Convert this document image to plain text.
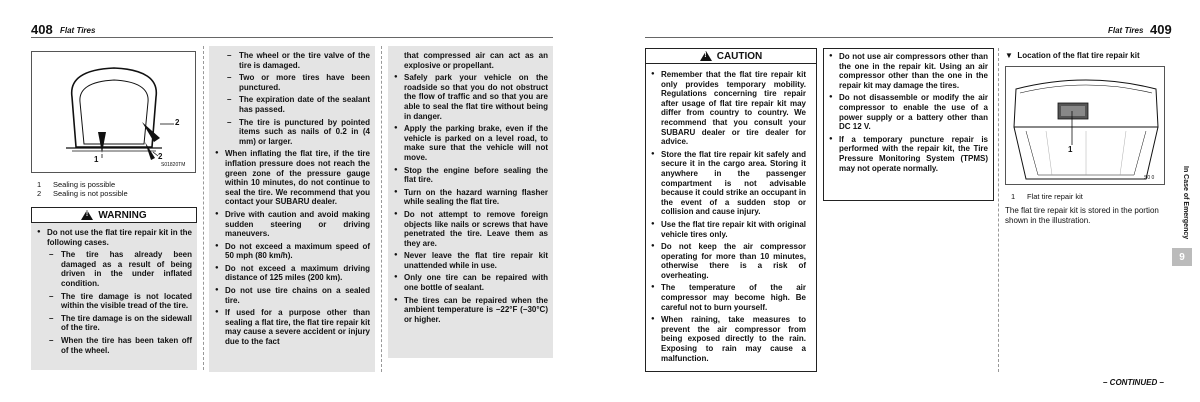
408 Flat Tires
1
2
2
S01820TM
1 Sealing is possible
2 Sealing is not possible
!
WARNING
● Do not use the flat tire repair kit in the following cases.
– The tire has already been damaged as a result of being driven in the under inflated condition.
– The tire damage is not located within the visible tread of the tire.
– The tire damage is on the sidewall of the tire.
– When the tire has been taken off of the wheel.
– The wheel or the tire valve of the tire is damaged.
– Two or more tires have been punctured.
– The expiration date of the sealant has passed.
– The tire is punctured by pointed items such as nails of 0.2 in (4 mm) or larger.
● When inflating the flat tire, if the tire inflation pressure does not reach the green zone of the pressure gauge within 10 minutes, do not continue to seal the tire. We recommend that you contact your SUBARU dealer.
● Drive with caution and avoid making sudden steering or driving maneuvers.
● Do not exceed a maximum speed of 50 mph (80 km/h).
● Do not exceed a maximum driving distance of 125 miles (200 km).
● Do not use tire chains on a sealed tire.
● If used for a purpose other than sealing a flat tire, the flat tire repair kit may cause a severe accident or injury due to the fact
that compressed air can act as an explosive or propellant.
● Safely park your vehicle on the roadside so that you do not obstruct the flow of traffic and so that you are able to seal the flat tire without being in danger.
● Apply the parking brake, even if the vehicle is parked on a level road, to make sure that the vehicle will not move.
● Stop the engine before sealing the flat tire.
● Turn on the hazard warning flasher while sealing the flat tire.
● Do not attempt to remove foreign objects like nails or screws that have penetrated the tire. Leave them as they are.
● Never leave the flat tire repair kit unattended while in use.
● Only one tire can be repaired with one bottle of sealant.
● The tires can be repaired when the ambient temperature is −22°F (−30°C) or higher.
Flat Tires 409
!
CAUTION
● Remember that the flat tire repair kit only provides temporary mobility. Regulations concerning tire repair after usage of flat tire repair kit may differ from country to country. We recommend that you consult your SUBARU dealer or tire dealer for advice.
● Store the flat tire repair kit safely and secure it in the cargo area. Storing it anywhere in the passenger compartment is not advisable because it could strike an occupant in the event of a sudden stop or collision and cause injury.
● Use the flat tire repair kit with original vehicle tires only.
● Do not keep the air compressor operating for more than 10 minutes, otherwise there is a risk of overheating.
● The temperature of the air compressor may become high. Be careful not to burn yourself.
● When raining, take measures to prevent the air compressor from being exposed directly to the rain. Exposing to rain may cause a malfunction.
● Do not use air compressors other than the one in the repair kit. Using an air compressor other than the one in the repair kit may damage the tires.
● Do not disassemble or modify the air compressor to enable the use of a power supply or a battery other than DC 12 V.
● If a temporary puncture repair is performed with the repair kit, the Tire Pressure Monitoring System (TPMS) may not operate normally.
▼ Location of the flat tire repair kit
1
S0 0
1 Flat tire repair kit
The flat tire repair kit is stored in the portion shown in the illustration.	In Case of Emergency
9
– CONTINUED –
